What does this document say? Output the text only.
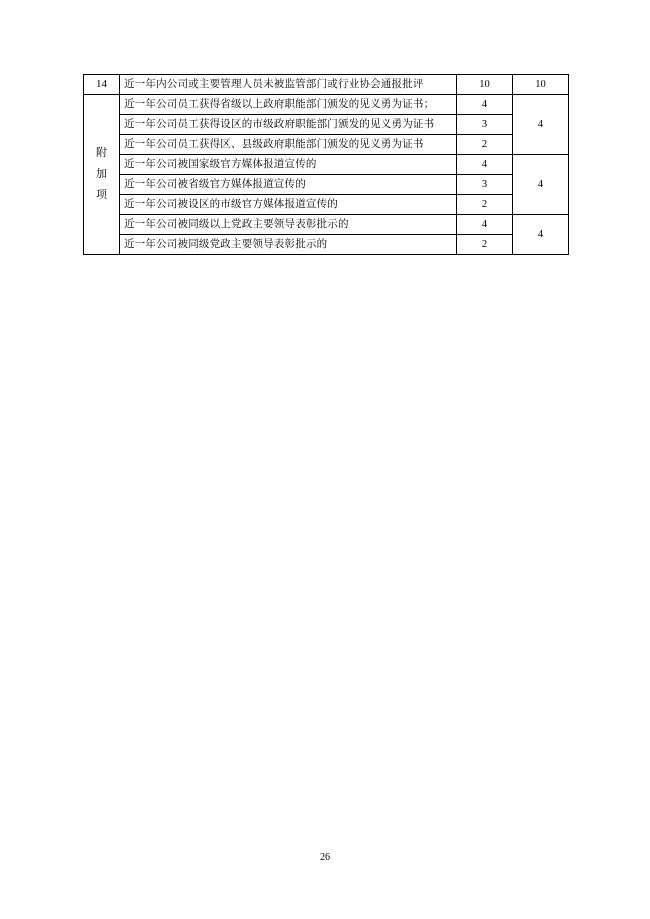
14	近一年内公司或主要管理人员未被监管部门或行业协会通报批评	10	10

附
加
项	近一年公司员工获得省级以上政府职能部门颁发的见义勇为证书；	4	4
	近一年公司员工获得设区的市级政府职能部门颁发的见义勇为证书	3	
	近一年公司员工获得区、县级政府职能部门颁发的见义勇为证书	2	
	近一年公司被国家级官方媒体报道宣传的	4	4
	近一年公司被省级官方媒体报道宣传的	3	
	近一年公司被设区的市级官方媒体报道宣传的	2	
	近一年公司被同级以上党政主要领导表彰批示的	4	4
	近一年公司被同级党政主要领导表彰批示的	2	
26
